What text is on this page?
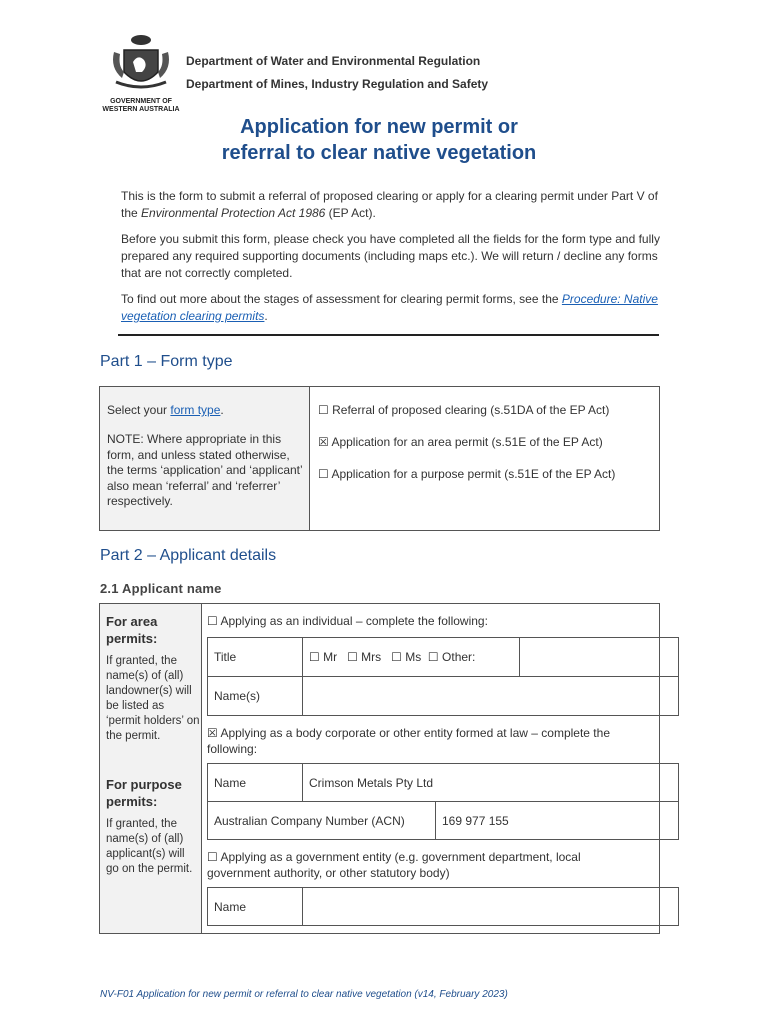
GOVERNMENT OF
WESTERN AUSTRALIA
Department of Water and Environmental Regulation
Department of Mines, Industry Regulation and Safety
Application for new permit or
referral to clear native vegetation
This is the form to submit a referral of proposed clearing or apply for a clearing permit under Part V of the Environmental Protection Act 1986 (EP Act).
Before you submit this form, please check you have completed all the fields for the form type and fully prepared any required supporting documents (including maps etc.). We will return / decline any forms that are not correctly completed.
To find out more about the stages of assessment for clearing permit forms, see the Procedure: Native vegetation clearing permits.
Part 1 – Form type
Select your form type.
NOTE: Where appropriate in this form, and unless stated otherwise, the terms ‘application’ and ‘applicant’ also mean ‘referral’ and ‘referrer’ respectively.
☐ Referral of proposed clearing (s.51DA of the EP Act)
☒ Application for an area permit (s.51E of the EP Act)
☐ Application for a purpose permit (s.51E of the EP Act)
Part 2 – Applicant details
2.1 Applicant name
For area permits:
If granted, the name(s) of (all) landowner(s) will be listed as ‘permit holders’ on the permit.
For purpose permits:
If granted, the name(s) of (all) applicant(s) will go on the permit.
☐ Applying as an individual – complete the following:
Title	☐ Mr   ☐ Mrs   ☐ Ms  ☐ Other:
Name(s)
☒ Applying as a body corporate or other entity formed at law – complete the following:
Name	Crimson Metals Pty Ltd
Australian Company Number (ACN)	169 977 155
☐ Applying as a government entity (e.g. government department, local government authority, or other statutory body)
Name
NV-F01 Application for new permit or referral to clear native vegetation (v14, February 2023)
